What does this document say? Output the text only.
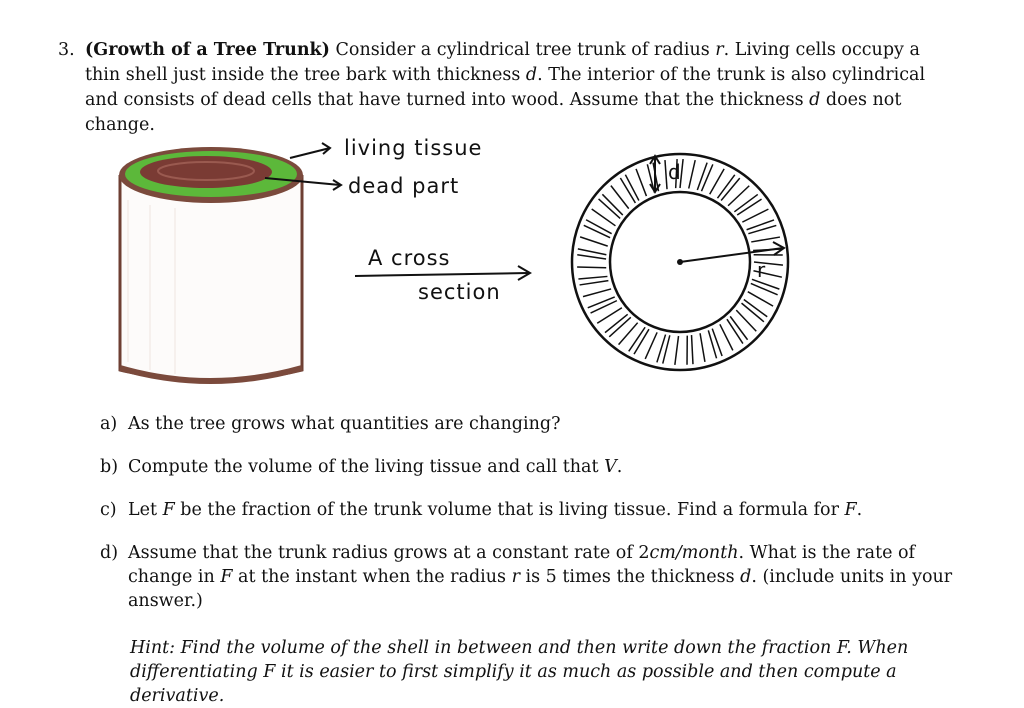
3. (Growth of a Tree Trunk) Consider a cylindrical tree trunk of radius r. Living cells occupy a thin shell just inside the tree bark with thickness d. The interior of the trunk is also cylindrical and consists of dead cells that have turned into wood. Assume that the thickness d does not change.
living tissue
dead part
A cross
section
d
r
a) As the tree grows what quantities are changing?
b) Compute the volume of the living tissue and call that V.
c) Let F be the fraction of the trunk volume that is living tissue. Find a formula for F.
d) Assume that the trunk radius grows at a constant rate of 2cm/month. What is the rate of change in F at the instant when the radius r is 5 times the thickness d. (include units in your answer.)
Hint: Find the volume of the shell in between and then write down the fraction F. When differentiating F it is easier to first simplify it as much as possible and then compute a derivative.
